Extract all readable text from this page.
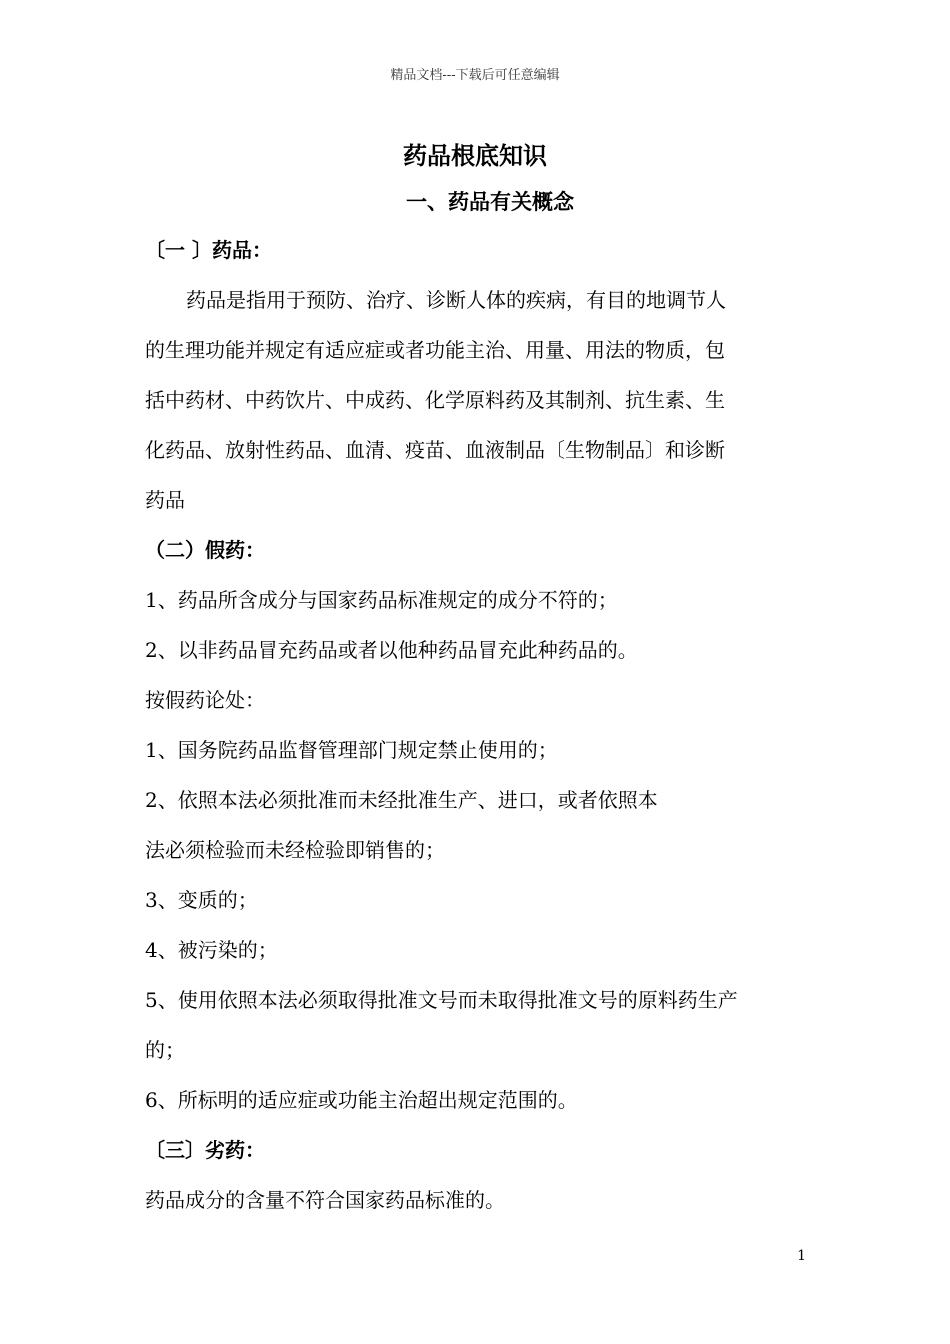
精品文档---下载后可任意编辑
药品根底知识
一、药品有关概念
〔一 〕药品：
药品是指用于预防、治疗、诊断人体的疾病，有目的地调节人
的生理功能并规定有适应症或者功能主治、用量、用法的物质，包
括中药材、中药饮片、中成药、化学原料药及其制剂、抗生素、生
化药品、放射性药品、血清、疫苗、血液制品〔生物制品〕和诊断
药品
（二）假药：
1、药品所含成分与国家药品标准规定的成分不符的；
2、以非药品冒充药品或者以他种药品冒充此种药品的。
按假药论处：
1、国务院药品监督管理部门规定禁止使用的；
2、依照本法必须批准而未经批准生产、进口，或者依照本
法必须检验而未经检验即销售的；
3、变质的；
4、被污染的；
5、使用依照本法必须取得批准文号而未取得批准文号的原料药生产
的；
6、所标明的适应症或功能主治超出规定范围的。
〔三〕劣药：
药品成分的含量不符合国家药品标准的。
1
